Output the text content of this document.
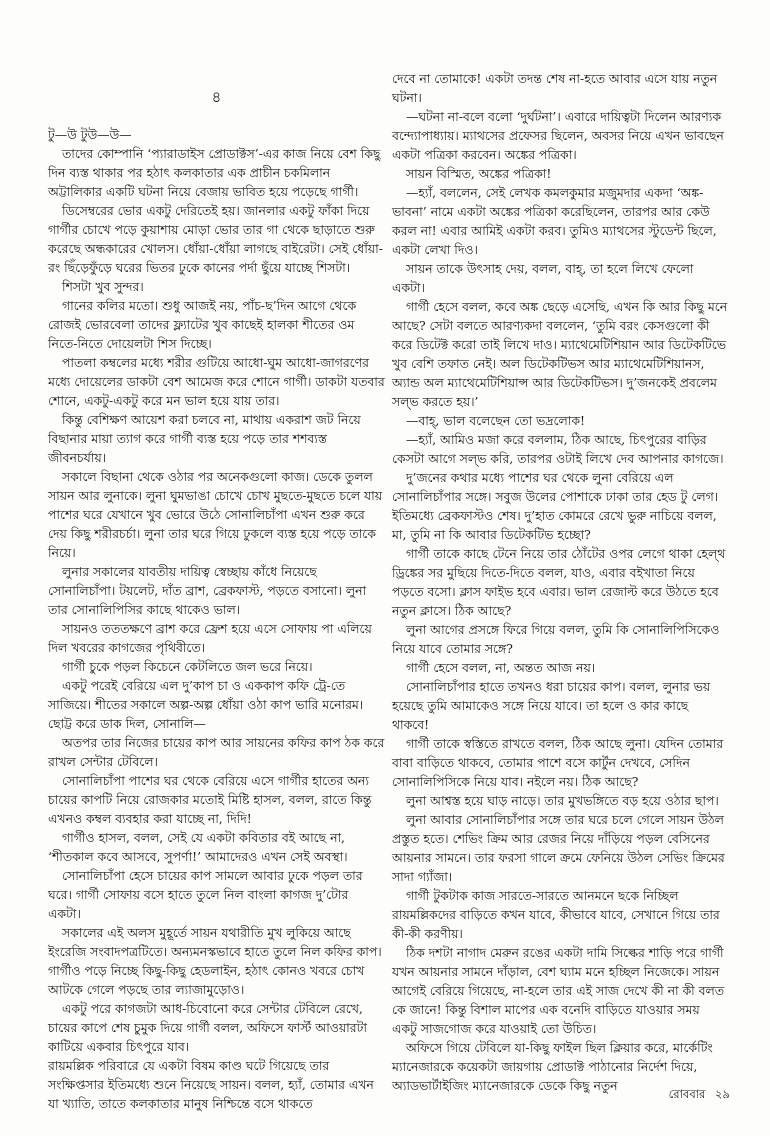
৪

টু—উ টুউ—উ—

তাদের কোম্পানি ‘প্যারাডাইস প্রোডাক্টস’-এর কাজ নিয়ে বেশ কিছু দিন ব্যস্ত থাকার পর হঠাৎ কলকাতার এক প্রাচীন চকমিলান অট্টালিকার একটি ঘটনা নিয়ে বেজায় ভাবিত হয়ে পড়েছে গার্গী।

ডিসেম্বরের ভোর একটু দেরিতেই হয়। জানলার একটু ফাঁকা দিয়ে গার্গীর চোখে পড়ে কুয়াশায় মোড়া ভোর তার গা থেকে ছাড়াতে শুরু করেছে অন্ধকারের খোলস। ধোঁয়া-ধোঁয়া লাগছে বাইরেটা। সেই ধোঁয়া-রং ছিঁড়েফুঁড়ে ঘরের ভিতর ঢুকে কানের পর্দা ছুঁয়ে যাচ্ছে শিসটা।

শিসটা খুব সুন্দর।

গানের কলির মতো। শুধু আজই নয়, পাঁচ-ছ’দিন আগে থেকে রোজই ভোরবেলা তাদের ফ্ল্যাটের খুব কাছেই হালকা শীতের ওম নিতে-নিতে দোয়েলটা শিস দিচ্ছে।

পাতলা কম্বলের মধ্যে শরীর গুটিয়ে আধো-ঘুম আধো-জাগরণের মধ্যে দোয়েলের ডাকটা বেশ আমেজ করে শোনে গার্গী। ডাকটা যতবার শোনে, একটু-একটু করে মন ভাল হয়ে যায় তার।

কিন্তু বেশিক্ষণ আয়েশ করা চলবে না, মাথায় একরাশ জট নিয়ে বিছানার মায়া ত্যাগ করে গার্গী ব্যস্ত হয়ে পড়ে তার শশব্যস্ত জীবনচর্যায়।

সকালে বিছানা থেকে ওঠার পর অনেকগুলো কাজ। ডেকে তুলল সায়ন আর লুনাকে। লুনা ঘুমভাঙা চোখে চোখ মুছতে-মুছতে চলে যায় পাশের ঘরে যেখানে খুব ভোরে উঠে সোনালিচাঁপা এখন শুরু করে দেয় কিছু শরীরচর্চা। লুনা তার ঘরে গিয়ে ঢুকলে ব্যস্ত হয়ে পড়ে তাকে নিয়ে।

লুনার সকালের যাবতীয় দায়িত্ব স্বেচ্ছায় কাঁধে নিয়েছে সোনালিচাঁপা। টয়লেট, দাঁত ব্রাশ, ব্রেকফাস্ট, পড়তে বসানো। লুনা তার সোনালিপিসির কাছে থাকেও ভাল।

সায়নও তততক্ষণে ব্রাশ করে ফ্রেশ হয়ে এসে সোফায় পা এলিয়ে দিল খবরের কাগজের পৃথিবীতে।

গার্গী চুকে পড়ল কিচেনে কেটলিতে জল ভরে নিয়ে।

একটু পরেই বেরিয়ে এল দু’কাপ চা ও এককাপ কফি ট্রে-তে সাজিয়ে। শীতের সকালে অল্প-অল্প ধোঁয়া ওঠা কাপ ভারি মনোরম। ছোট্ট করে ডাক দিল, সোনালি—

অতপর তার নিজের চায়ের কাপ আর সায়নের কফির কাপ ঠক করে রাখল সেন্টার টেবিলে।

সোনালিচাঁপা পাশের ঘর থেকে বেরিয়ে এসে গার্গীর হাতের অন্য চায়ের কাপটি নিয়ে রোজকার মতোই মিষ্টি হাসল, বলল, রাতে কিন্তু এখনও কম্বল ব্যবহার করা যাচ্ছে না, দিদি!

গার্গীও হাসল, বলল, সেই যে একটা কবিতার বই আছে না, ‘শীতকাল কবে আসবে, সুপর্ণা!’ আমাদেরও এখন সেই অবস্থা।

সোনালিচাঁপা হেসে চায়ের কাপ সামলে আবার ঢুকে পড়ল তার ঘরে। গার্গী সোফায় বসে হাতে তুলে নিল বাংলা কাগজ দু’টোর একটা।

সকালের এই অলস মুহূর্তে সায়ন যথারীতি মুখ লুকিয়ে আছে ইংরেজি সংবাদপত্রটিতে। অন্যমনস্কভাবে হাতে তুলে নিল কফির কাপ। গার্গীও পড়ে নিচ্ছে কিছু-কিছু হেডলাইন, হঠাৎ কোনও খবরে চোখ আটকে গেলে পড়ছে তার ল্যাজামুড়োও।

একটু পরে কাগজটা আধ-চিবোনো করে সেন্টার টেবিলে রেখে, চায়ের কাপে শেষ চুমুক দিয়ে গার্গী বলল, অফিসে ফার্স্ট আওয়ারটা কাটিয়ে একবার চিৎপুরে যাব।

রায়মল্লিক পরিবারে যে একটা বিষম কাণ্ড ঘটে গিয়েছে তার সংক্ষিপ্তসার ইতিমধ্যে শুনে নিয়েছে সায়ন। বলল, হ্যাঁ, তোমার এখন যা খ্যাতি, তাতে কলকাতার মানুষ নিশ্চিন্তে বসে থাকতে

দেবে না তোমাকে! একটা তদন্ত শেষ না-হতে আবার এসে যায় নতুন ঘটনা।

—ঘটনা না-বলে বলো ‘দুর্ঘটনা’। এবারে দায়িত্বটা দিলেন আরণ্যক বন্দ্যোপাধ্যায়। ম্যাথসের প্রফেসর ছিলেন, অবসর নিয়ে এখন ভাবছেন একটা পত্রিকা করবেন। অঙ্কের পত্রিকা।

সায়ন বিস্মিত, অঙ্কের পত্রিকা!

—হ্যাঁ, বললেন, সেই লেখক কমলকুমার মজুমদার একদা ‘অঙ্ক-ভাবনা’ নামে একটা অঙ্কের পত্রিকা করেছিলেন, তারপর আর কেউ করল না! এবার আমিই একটা করব। তুমিও ম্যাথসের স্টুডেন্ট ছিলে, একটা লেখা দিও।

সায়ন তাকে উৎসাহ দেয়, বলল, বাহ্, তা হলে লিখে ফেলো একটা।

গার্গী হেসে বলল, কবে অঙ্ক ছেড়ে এসেছি, এখন কি আর কিছু মনে আছে? সেটা বলতে আরণ্যকদা বললেন, ‘তুমি বরং কেসগুলো কী করে ডিটেক্ট করো তাই লিখে দাও। ম্যাথেমেটিশিয়ান আর ডিটেকটিভে খুব বেশি তফাত নেই। অল ডিটেকটিভস আর ম্যাথেমেটিশিয়ানস, অ্যান্ড অল ম্যাথেমেটিশিয়ান্স আর ডিটেকটিভস। দু’জনকেই প্রবলেম সল্ভ করতে হয়।’

—বাহ্, ভাল বলেছেন তো ভদ্রলোক!

—হ্যাঁ, আমিও মজা করে বললাম, ঠিক আছে, চিৎপুরের বাড়ির কেসটা আগে সল্ভ করি, তারপর ওটাই লিখে দেব আপনার কাগজে।

দু’জনের কথার মধ্যে পাশের ঘর থেকে লুনা বেরিয়ে এল সোনালিচাঁপার সঙ্গে। সবুজ উলের পোশাকে ঢাকা তার হেড টু লেগ। ইতিমধ্যে ব্রেকফাস্টও শেষ। দু’হাত কোমরে রেখে ভুরু নাচিয়ে বলল, মা, তুমি না কি আবার ডিটেকটিভ হচ্ছো?

গার্গী তাকে কাছে টেনে নিয়ে তার ঠোঁটের ওপর লেগে থাকা হেল্‌থ ড্রিঙ্কের সর মুছিয়ে দিতে-দিতে বলল, যাও, এবার বইখাতা নিয়ে পড়তে বসো। ক্লাস ফাইভ হবে এবার। ভাল রেজাল্ট করে উঠতে হবে নতুন ক্লাসে। ঠিক আছে?

লুনা আগের প্রসঙ্গে ফিরে গিয়ে বলল, তুমি কি সোনালিপিসিকেও নিয়ে যাবে তোমার সঙ্গে?

গার্গী হেসে বলল, না, অন্তত আজ নয়।

সোনালিচাঁপার হাতে তখনও ধরা চায়ের কাপ। বলল, লুনার ভয় হয়েছে তুমি আমাকেও সঙ্গে নিয়ে যাবে। তা হলে ও কার কাছে থাকবে!

গার্গী তাকে স্বস্তিতে রাখতে বলল, ঠিক আছে লুনা। যেদিন তোমার বাবা বাড়িতে থাকবে, তোমার পাশে বসে কার্টুন দেখবে, সেদিন সোনালিপিসিকে নিয়ে যাব। নইলে নয়। ঠিক আছে?

লুনা আশ্বস্ত হয়ে ঘাড় নাড়ে। তার মুখভঙ্গিতে বড় হয়ে ওঠার ছাপ।

লুনা আবার সোনালিচাঁপার সঙ্গে তার ঘরে চলে গেলে সায়ন উঠল প্রস্তুত হতে। শেভিং ক্রিম আর রেজর নিয়ে দাঁড়িয়ে পড়ল বেসিনের আয়নার সামনে। তার ফরসা গালে ক্রমে ফেনিয়ে উঠল সেভিং ক্রিমের সাদা গ্যাঁজা।

গার্গী টুকটাক কাজ সারতে-সারতে আনমনে ছকে নিচ্ছিল রায়মল্লিকদের বাড়িতে কখন যাবে, কীভাবে যাবে, সেখানে গিয়ে তার কী-কী করণীয়।

ঠিক দশটা নাগাদ মেরুন রঙের একটা দামি সিল্কের শাড়ি পরে গার্গী যখন আয়নার সামনে দাঁড়াল, বেশ ঘ্যাম মনে হচ্ছিল নিজেকে। সায়ন আগেই বেরিয়ে গিয়েছে, না-হলে তার এই সাজ দেখে কী না কী বলত কে জানে! কিন্তু বিশাল মাপের এক বনেদি বাড়িতে যাওয়ার সময় একটু সাজগোজ করে যাওয়াই তো উচিত।

অফিসে গিয়ে টেবিলে যা-কিছু ফাইল ছিল ক্লিয়ার করে, মার্কেটিং ম্যানেজারকে কয়েকটা জায়গায় প্রোডাক্ট পাঠানোর নির্দেশ দিয়ে, অ্যাডভার্টাইজিং ম্যানেজারকে ডেকে কিছু নতুন

রোববার ২৯
